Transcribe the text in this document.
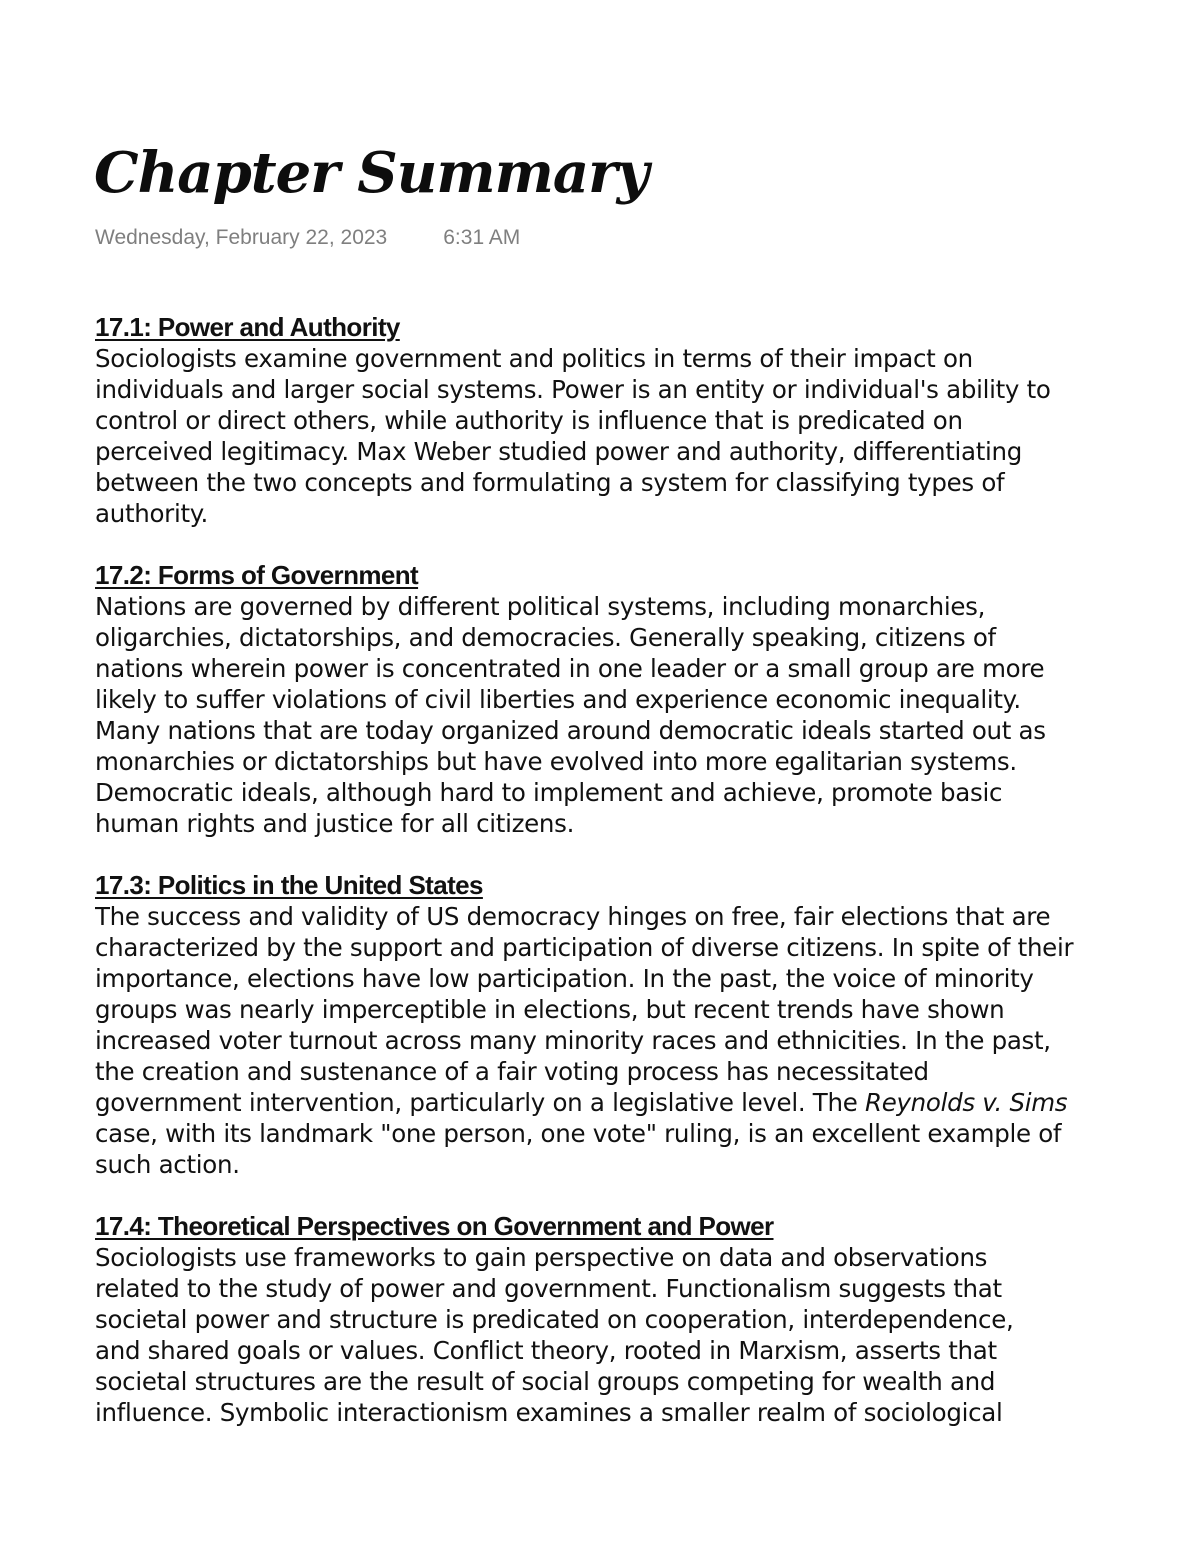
Chapter Summary
Wednesday, February 22, 2023	6:31 AM

17.1: Power and Authority

Sociologists examine government and politics in terms of their impact on
individuals and larger social systems. Power is an entity or individual's ability to
control or direct others, while authority is influence that is predicated on
perceived legitimacy. Max Weber studied power and authority, differentiating
between the two concepts and formulating a system for classifying types of
authority.

17.2: Forms of Government

Nations are governed by different political systems, including monarchies,
oligarchies, dictatorships, and democracies. Generally speaking, citizens of
nations wherein power is concentrated in one leader or a small group are more
likely to suffer violations of civil liberties and experience economic inequality.
Many nations that are today organized around democratic ideals started out as
monarchies or dictatorships but have evolved into more egalitarian systems.
Democratic ideals, although hard to implement and achieve, promote basic
human rights and justice for all citizens.

17.3: Politics in the United States

The success and validity of US democracy hinges on free, fair elections that are
characterized by the support and participation of diverse citizens. In spite of their
importance, elections have low participation. In the past, the voice of minority
groups was nearly imperceptible in elections, but recent trends have shown
increased voter turnout across many minority races and ethnicities. In the past,
the creation and sustenance of a fair voting process has necessitated
government intervention, particularly on a legislative level. The Reynolds v. Sims
case, with its landmark "one person, one vote" ruling, is an excellent example of
such action.

17.4: Theoretical Perspectives on Government and Power

Sociologists use frameworks to gain perspective on data and observations
related to the study of power and government. Functionalism suggests that
societal power and structure is predicated on cooperation, interdependence,
and shared goals or values. Conflict theory, rooted in Marxism, asserts that
societal structures are the result of social groups competing for wealth and
influence. Symbolic interactionism examines a smaller realm of sociological
